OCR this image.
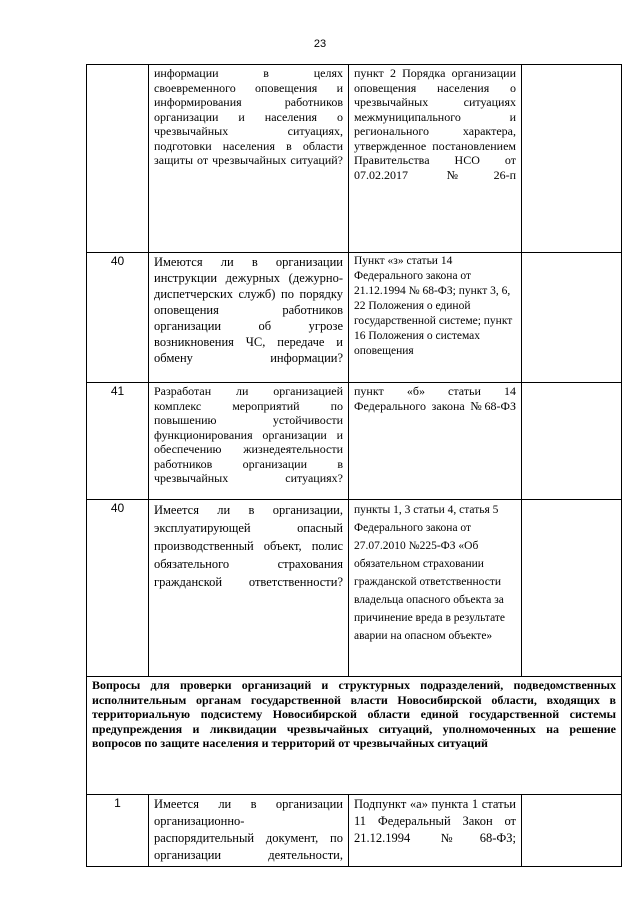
23
	информации в целях своевременного оповещения и информирования работников организации и населения о чрезвычайных ситуациях, подготовки населения в области защиты от чрезвычайных ситуаций?	пункт 2 Порядка организации оповещения населения о чрезвычайных ситуациях межмуниципального и регионального характера, утвержденное постановлением Правительства НСО от 07.02.2017 №26-п	
40	Имеются ли в организации инструкции дежурных (дежурно-диспетчерских служб) по порядку оповещения работников организации об угрозе возникновения ЧС, передаче и обмену информации?	Пункт «з» статьи 14 Федерального закона от 21.12.1994 № 68-ФЗ; пункт 3, 6, 22 Положения о единой государственной системе; пункт 16 Положения о системах оповещения	
41	Разработан ли организацией комплекс мероприятий по повышению устойчивости функционирования организации и обеспечению жизнедеятельности работников организации в чрезвычайных ситуациях?	пункт «б» статьи 14 Федерального закона №68-ФЗ	
40	Имеется ли в организации, эксплуатирующей опасный производственный объект, полис обязательного страхования гражданской ответственности?	пункты 1, 3 статьи 4, статья 5 Федерального закона от 27.07.2010 №225-ФЗ «Об обязательном страховании гражданской ответственности владельца опасного объекта за причинение вреда в результате аварии на опасном объекте»	
Вопросы для проверки организаций и структурных подразделений, подведомственных исполнительным органам государственной власти Новосибирской области, входящих в территориальную подсистему Новосибирской области единой государственной системы предупреждения и ликвидации чрезвычайных ситуаций, уполномоченных на решение вопросов по защите населения и территорий от чрезвычайных ситуаций			
1	Имеется ли в организации организационно-распорядительный документ, по организации деятельности,	Подпункт «а» пункта 1 статьи 11 Федеральный Закон от 21.12.1994 №68-ФЗ;	
